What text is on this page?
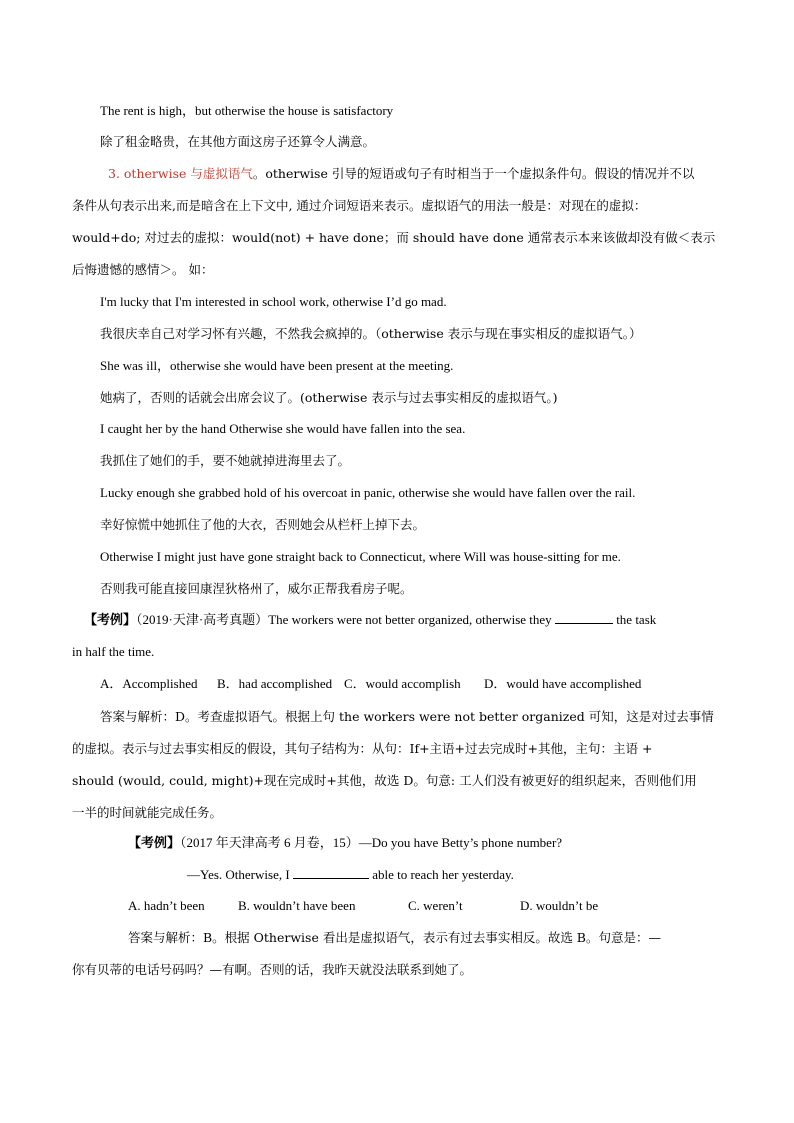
The rent is high，but otherwise the house is satisfactory
除了租金略贵，在其他方面这房子还算令人满意。
3. otherwise 与虚拟语气。otherwise 引导的短语或句子有时相当于一个虚拟条件句。假设的情况并不以
条件从句表示出来,而是暗含在上下文中, 通过介词短语来表示。虚拟语气的用法一般是：对现在的虚拟：
would+do; 对过去的虚拟：would(not) + have done；而 should have done 通常表示本来该做却没有做＜表示
后悔遗憾的感情＞。 如：
I'm lucky that I'm interested in school work, otherwise I’d go mad.
我很庆幸自己对学习怀有兴趣，不然我会疯掉的。（otherwise 表示与现在事实相反的虚拟语气。）
She was ill，otherwise she would have been present at the meeting.
她病了，否则的话就会出席会议了。(otherwise 表示与过去事实相反的虚拟语气。)
I caught her by the hand Otherwise she would have fallen into the sea.
我抓住了她们的手，要不她就掉进海里去了。
Lucky enough she grabbed hold of his overcoat in panic, otherwise she would have fallen over the rail.
幸好惊慌中她抓住了他的大衣，否则她会从栏杆上掉下去。
Otherwise I might just have gone straight back to Connecticut, where Will was house-sitting for me.
否则我可能直接回康涅狄格州了，威尔正帮我看房子呢。
【考例】（2019·天津·高考真题）The workers were not better organized, otherwise they	the task
in half the time.
A．Accomplished B．had accomplished C．would accomplish D．would have accomplished
答案与解析：D。考查虚拟语气。根据上句 the workers were not better organized 可知，这是对过去事情
的虚拟。表示与过去事实相反的假设，其句子结构为：从句：If+主语+过去完成时+其他，主句：主语 +
should (would, could, might)+现在完成时+其他，故选 D。句意: 工人们没有被更好的组织起来，否则他们用
一半的时间就能完成任务。
【考例】（2017 年天津高考 6 月卷，15）—Do you have Betty’s phone number?
—Yes. Otherwise, I	able to reach her yesterday.
A. hadn’t been	B. wouldn’t have been	C. weren’t	D. wouldn’t be
答案与解析：B。根据 Otherwise 看出是虚拟语气，表示有过去事实相反。故选 B。句意是：—
你有贝蒂的电话号码吗？—有啊。否则的话，我昨天就没法联系到她了。
